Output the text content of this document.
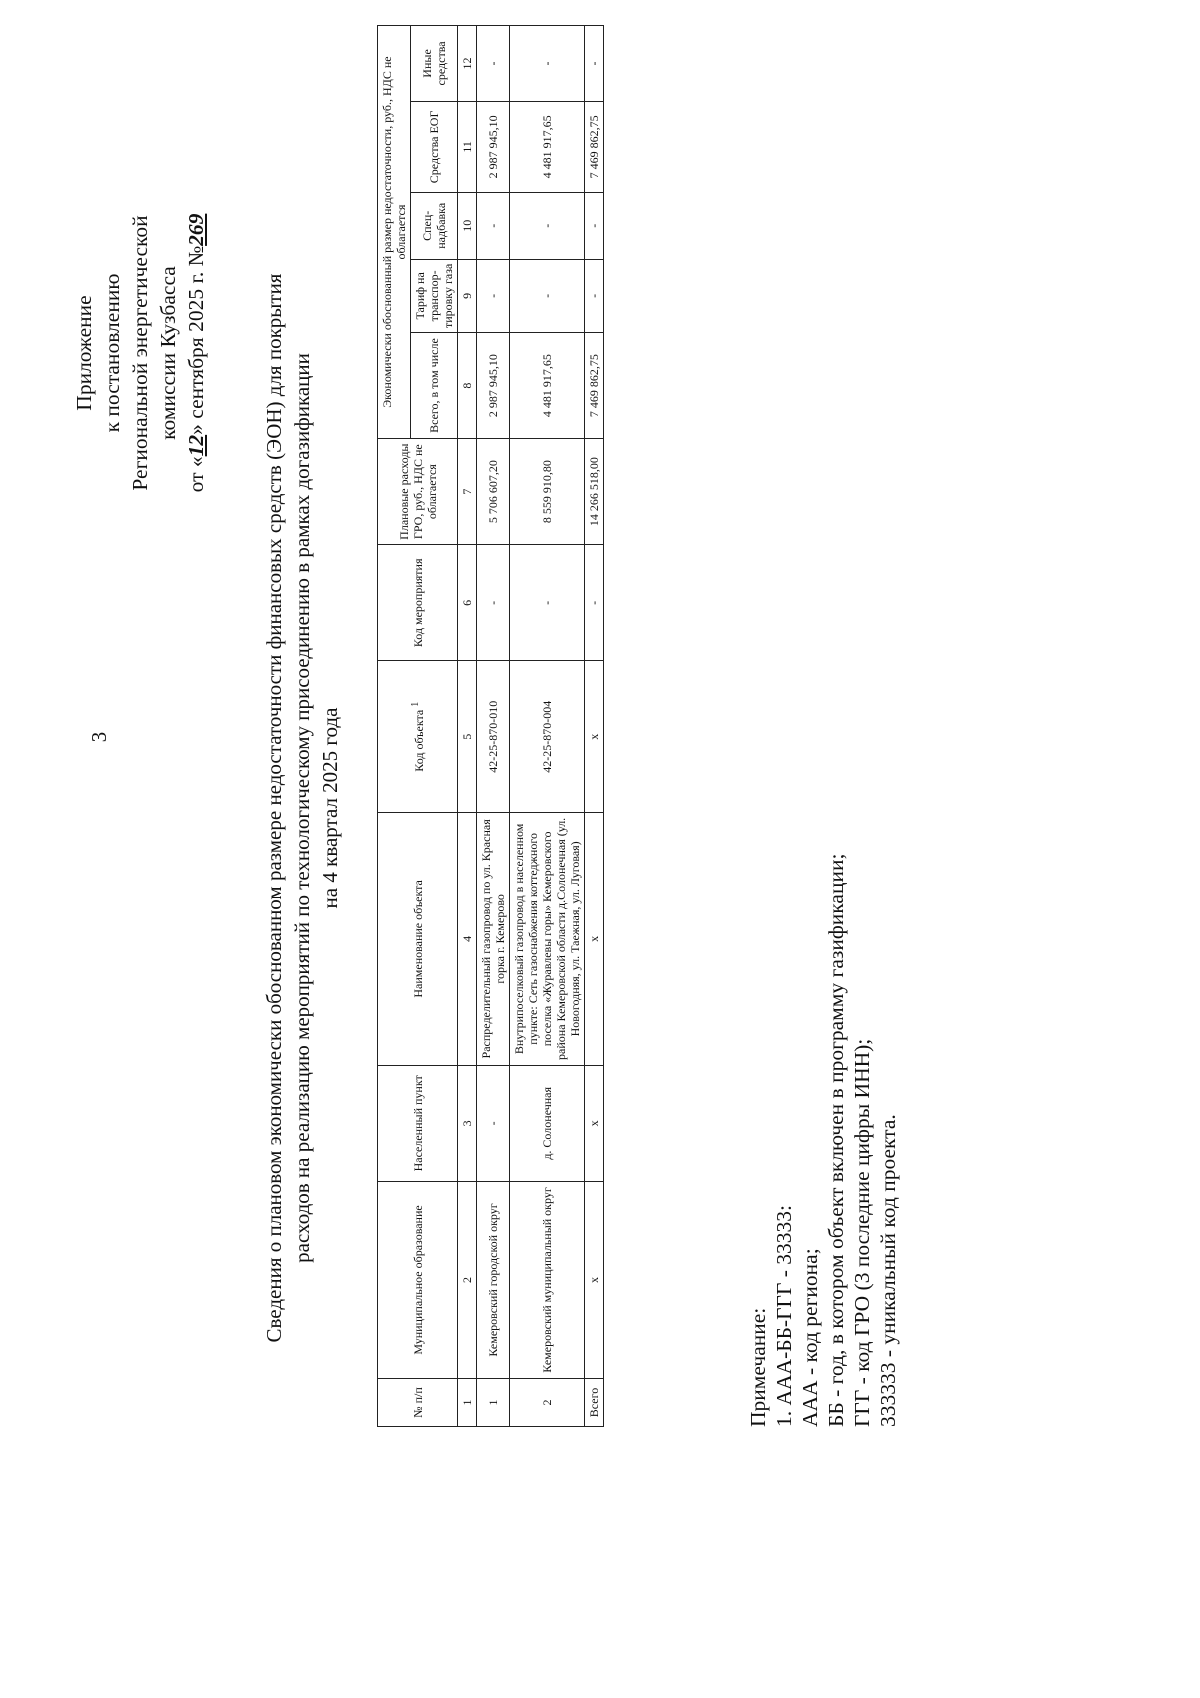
3
Приложение к постановлению Региональной энергетической комиссии Кузбасса
от «12» сентября 2025 г. №269
Сведения о плановом экономически обоснованном размере недостаточности финансовых средств (ЭОН) для покрытия расходов на реализацию мероприятий по технологическому присоединению в рамках догазификации на 4 квартал 2025 года
№ п/п	Муниципальное образование	Населенный пункт	Наименование объекта	Код объекта $^1$	Код мероприятия	Плановые расходы ГРО, руб., НДС не облагается	Экономически обоснованный размер недостаточности, руб., НДС не облагается				
							Всего, в том числе	Тариф на транспор-тировку газа	Спец-надбавка	Средства ЕОГ	Иные средства
1	2	3	4	5	6	7	8	9	10	11	12
1	Кемеровский городской округ	-	Распределительный газопровод по ул. Красная горка г. Кемерово	42-25-870-010	-	5 706 607,20	2 987 945,10	-	-	2 987 945,10	-
2	Кемеровский муниципальный округ	д. Солонечная	Внутрипоселковый газопровод в населенном пункте: Сеть газоснабжения коттеджного поселка «Журавлевы горы» Кемеровского района Кемеровской области д.Солонечная (ул. Новогодняя, ул. Таежная, ул. Луговая)	42-25-870-004	-	8 559 910,80	4 481 917,65	-	-	4 481 917,65	-
Всего	x	x	x	x	-	14 266 518,00	7 469 862,75	-	-	7 469 862,75	-
Примечание: 1. ААА-ББ-ГГГ - 33333: ААА - код региона; ББ - год, в котором объект включен в программу газификации; ГГГ - код ГРО (3 последние цифры ИНН); 333333 - уникальный код проекта.
